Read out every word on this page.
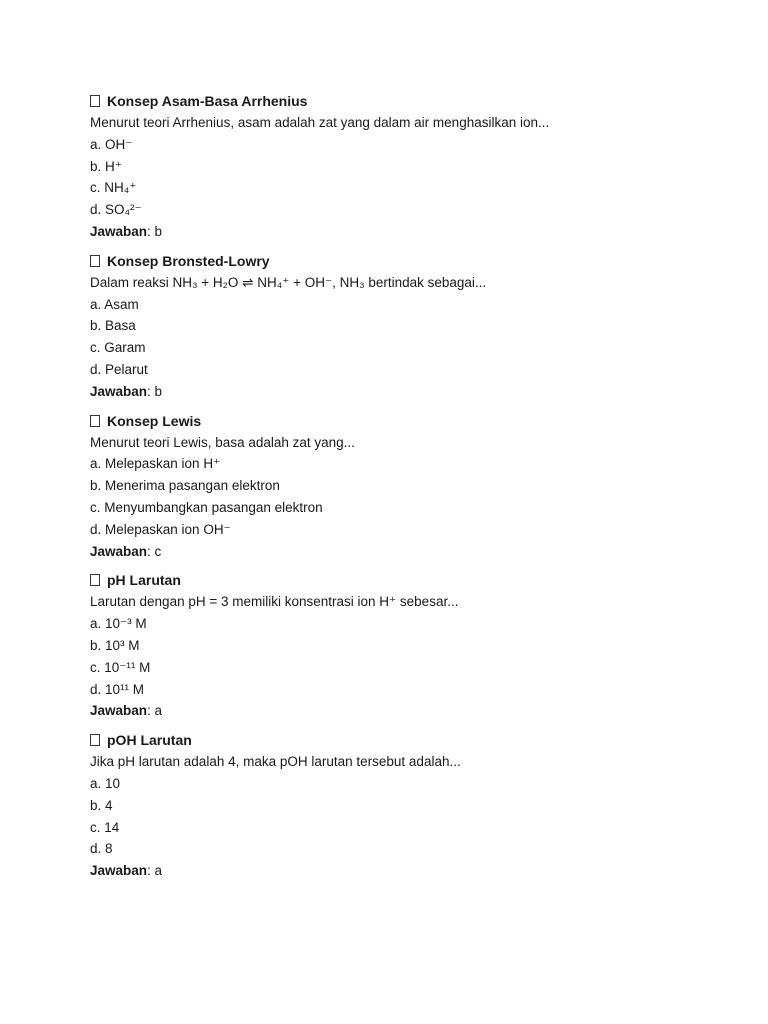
Konsep Asam-Basa Arrhenius
Menurut teori Arrhenius, asam adalah zat yang dalam air menghasilkan ion...
a. OH⁻
b. H⁺
c. NH₄⁺
d. SO₄²⁻
Jawaban: b
Konsep Bronsted-Lowry
Dalam reaksi NH₃ + H₂O ⇌ NH₄⁺ + OH⁻, NH₃ bertindak sebagai...
a. Asam
b. Basa
c. Garam
d. Pelarut
Jawaban: b
Konsep Lewis
Menurut teori Lewis, basa adalah zat yang...
a. Melepaskan ion H⁺
b. Menerima pasangan elektron
c. Menyumbangkan pasangan elektron
d. Melepaskan ion OH⁻
Jawaban: c
pH Larutan
Larutan dengan pH = 3 memiliki konsentrasi ion H⁺ sebesar...
a. 10⁻³ M
b. 10³ M
c. 10⁻¹¹ M
d. 10¹¹ M
Jawaban: a
pOH Larutan
Jika pH larutan adalah 4, maka pOH larutan tersebut adalah...
a. 10
b. 4
c. 14
d. 8
Jawaban: a
